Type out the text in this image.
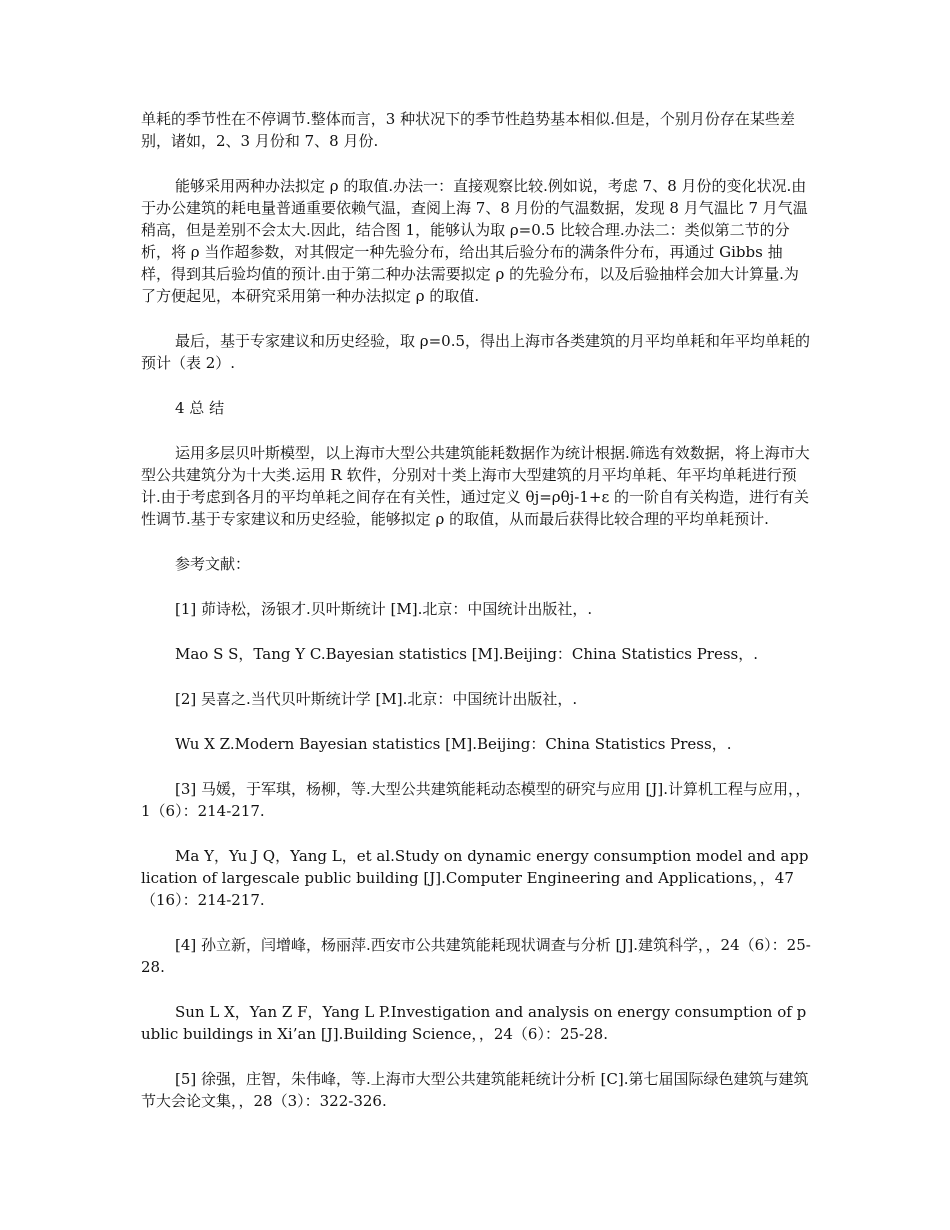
单耗的季节性在不停调节.整体而言，3 种状况下的季节性趋势基本相似.但是，个别月份存在某些差别，诸如，2、3 月份和 7、8 月份.

能够采用两种办法拟定 ρ 的取值.办法一：直接观察比较.例如说，考虑 7、8 月份的变化状况.由于办公建筑的耗电量普通重要依赖气温，查阅上海 7、8 月份的气温数据，发现 8 月气温比 7 月气温稍高，但是差别不会太大.因此，结合图 1，能够认为取 ρ=0.5 比较合理.办法二：类似第二节的分析，将 ρ 当作超参数，对其假定一种先验分布，给出其后验分布的满条件分布，再通过 Gibbs 抽样，得到其后验均值的预计.由于第二种办法需要拟定 ρ 的先验分布，以及后验抽样会加大计算量.为了方便起见，本研究采用第一种办法拟定 ρ 的取值.

最后，基于专家建议和历史经验，取 ρ=0.5，得出上海市各类建筑的月平均单耗和年平均单耗的预计（表 2）.

4 总 结

运用多层贝叶斯模型，以上海市大型公共建筑能耗数据作为统计根据.筛选有效数据，将上海市大型公共建筑分为十大类.运用 R 软件，分别对十类上海市大型建筑的月平均单耗、年平均单耗进行预计.由于考虑到各月的平均单耗之间存在有关性，通过定义 θj=ρθj-1+ε 的一阶自有关构造，进行有关性调节.基于专家建议和历史经验，能够拟定 ρ 的取值，从而最后获得比较合理的平均单耗预计.

参考文献：

[1] 茆诗松，汤银才.贝叶斯统计 [M].北京：中国统计出版社，.

Mao S S，Tang Y C.Bayesian statistics [M].Beijing：China Statistics Press，.

[2] 吴喜之.当代贝叶斯统计学 [M].北京：中国统计出版社，.

Wu X Z.Modern Bayesian statistics [M].Beijing：China Statistics Press，.

[3] 马媛，于军琪，杨柳，等.大型公共建筑能耗动态模型的研究与应用 [J].计算机工程与应用，，1（6）：214-217.

Ma Y，Yu J Q，Yang L，et al.Study on dynamic energy consumption model and application of largescale public building [J].Computer Engineering and Applications，，47（16）：214-217.

[4] 孙立新，闫增峰，杨丽萍.西安市公共建筑能耗现状调查与分析 [J].建筑科学，，24（6）：25-28.

Sun L X，Yan Z F，Yang L P.Investigation and analysis on energy consumption of public buildings in Xi’an [J].Building Science，，24（6）：25-28.

[5] 徐强，庄智，朱伟峰，等.上海市大型公共建筑能耗统计分析 [C].第七届国际绿色建筑与建筑节大会论文集，，28（3）：322-326.
